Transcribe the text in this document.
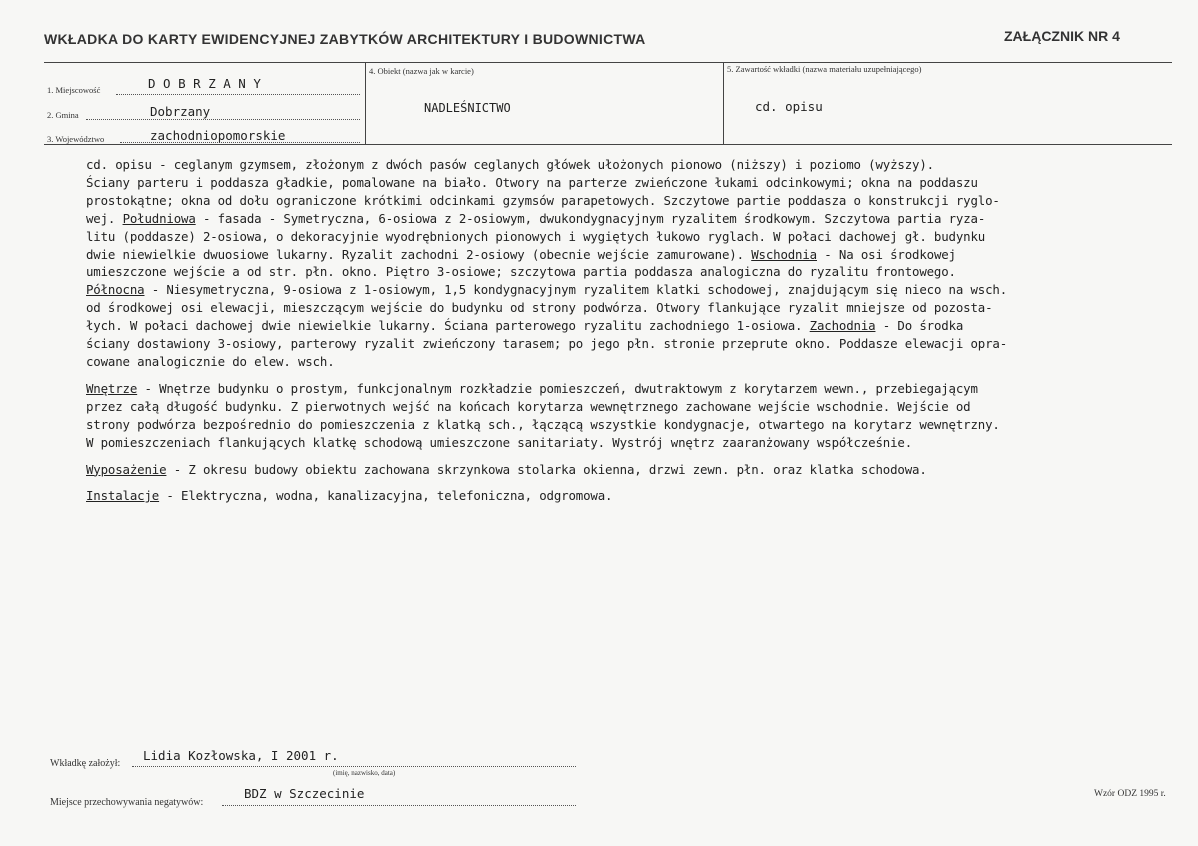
WKŁADKA DO KARTY EWIDENCYJNEJ ZABYTKÓW ARCHITEKTURY I BUDOWNICTWA	ZAŁĄCZNIK NR 4
1. Miejscowość	D O B R Z A N Y
2. Gmina	Dobrzany
3. Województwo	zachodniopomorskie
4. Obiekt (nazwa jak w karcie)
NADLEŚNICTWO
5. Zawartość wkładki (nazwa materiału uzupełniającego)
cd. opisu
cd. opisu - ceglanym gzymsem, złożonym z dwóch pasów ceglanych główek ułożonych pionowo (niższy) i poziomo (wyższy).
Ściany parteru i poddasza gładkie, pomalowane na biało. Otwory na parterze zwieńczone łukami odcinkowymi; okna na poddaszu
prostokątne; okna od dołu ograniczone krótkimi odcinkami gzymsów parapetowych. Szczytowe partie poddasza o konstrukcji ryglo-
wej. Południowa - fasada - Symetryczna, 6-osiowa z 2-osiowym, dwukondygnacyjnym ryzalitem środkowym. Szczytowa partia ryza-
litu (poddasze) 2-osiowa, o dekoracyjnie wyodrębnionych pionowych i wygiętych łukowo ryglach. W połaci dachowej gł. budynku
dwie niewielkie dwuosiowe lukarny. Ryzalit zachodni 2-osiowy (obecnie wejście zamurowane). Wschodnia - Na osi środkowej
umieszczone wejście a od str. płn. okno. Piętro 3-osiowe; szczytowa partia poddasza analogiczna do ryzalitu frontowego.
Północna - Niesymetryczna, 9-osiowa z 1-osiowym, 1,5 kondygnacyjnym ryzalitem klatki schodowej, znajdującym się nieco na wsch.
od środkowej osi elewacji, mieszczącym wejście do budynku od strony podwórza. Otwory flankujące ryzalit mniejsze od pozosta-
łych. W połaci dachowej dwie niewielkie lukarny. Ściana parterowego ryzalitu zachodniego 1-osiowa. Zachodnia - Do środka
ściany dostawiony 3-osiowy, parterowy ryzalit zwieńczony tarasem; po jego płn. stronie przeprute okno. Poddasze elewacji opra-
cowane analogicznie do elew. wsch.
Wnętrze - Wnętrze budynku o prostym, funkcjonalnym rozkładzie pomieszczeń, dwutraktowym z korytarzem wewn., przebiegającym
przez całą długość budynku. Z pierwotnych wejść na końcach korytarza wewnętrznego zachowane wejście wschodnie. Wejście od
strony podwórza bezpośrednio do pomieszczenia z klatką sch., łączącą wszystkie kondygnacje, otwartego na korytarz wewnętrzny.
W pomieszczeniach flankujących klatkę schodową umieszczone sanitariaty. Wystrój wnętrz zaaranżowany współcześnie.
Wyposażenie - Z okresu budowy obiektu zachowana skrzynkowa stolarka okienna, drzwi zewn. płn. oraz klatka schodowa.
Instalacje - Elektryczna, wodna, kanalizacyjna, telefoniczna, odgromowa.
Wkładkę założył:
Lidia Kozłowska, I 2001 r.
(imię, nazwisko, data)
Miejsce przechowywania negatywów:
BDZ w Szczecinie	Wzór ODZ 1995 r.
